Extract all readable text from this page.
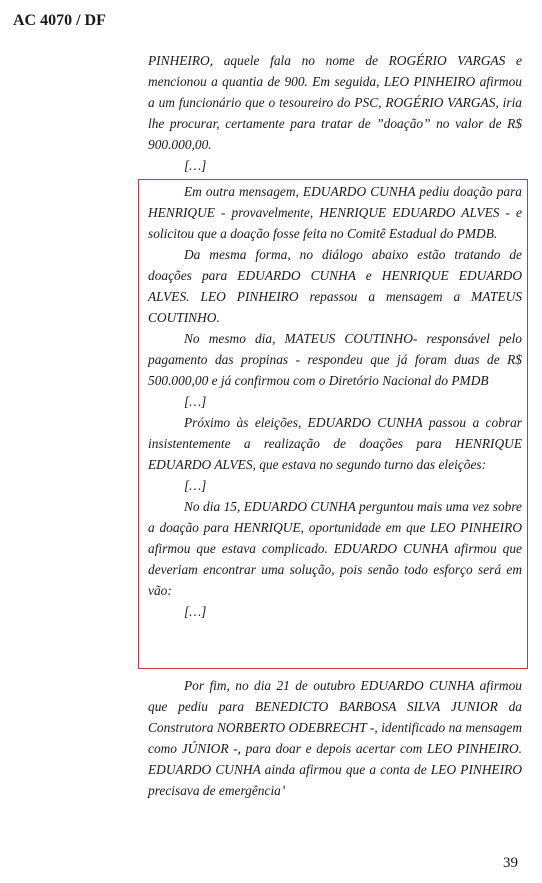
AC 4070 / DF

PINHEIRO, aquele fala no nome de ROGÉRIO VARGAS e mencionou a quantia de 900. Em seguida, LEO PINHEIRO afirmou a um funcionário que o tesoureiro do PSC, ROGÉRIO VARGAS, iria lhe procurar, certamente para tratar de ”doação” no valor de R$ 900.000,00.

[…]

Em outra mensagem, EDUARDO CUNHA pediu doação para HENRIQUE - provavelmente, HENRIQUE EDUARDO ALVES - e solicitou que a doação fosse feita no Comitê Estadual do PMDB.

Da mesma forma, no diálogo abaixo estão tratando de doações para EDUARDO CUNHA e HENRIQUE EDUARDO ALVES. LEO PINHEIRO repassou a mensagem a MATEUS COUTINHO.

No mesmo dia, MATEUS COUTINHO- responsável pelo pagamento das propinas - respondeu que já foram duas de R$ 500.000,00 e já confirmou com o Diretório Nacional do PMDB

[…]

Próximo às eleições, EDUARDO CUNHA passou a cobrar insistentemente a realização de doações para HENRIQUE EDUARDO ALVES, que estava no segundo turno das eleições:

[…]

No dia 15, EDUARDO CUNHA perguntou mais uma vez sobre a doação para HENRIQUE, oportunidade em que LEO PINHEIRO afirmou que estava complicado. EDUARDO CUNHA afirmou que deveriam encontrar uma solução, pois senão todo esforço será em vão:

[…]

Por fim, no dia 21 de outubro EDUARDO CUNHA afirmou que pediu para BENEDICTO BARBOSA SILVA JUNIOR da Construtora NORBERTO ODEBRECHT -, identificado na mensagem como JÚNIOR -, para doar e depois acertar com LEO PINHEIRO. EDUARDO CUNHA ainda afirmou que a conta de LEO PINHEIRO precisava de emergência’

39
